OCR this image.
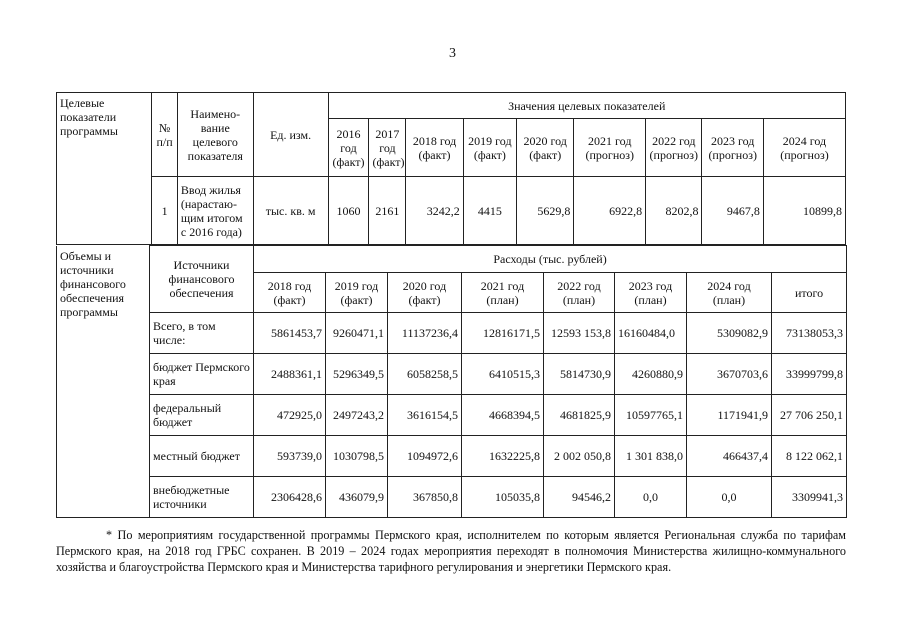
3
Целевые показатели программы	№ п/п	Наимено-вание целевого показателя	Ед. изм.	Значения целевых показателей								
				2016 год (факт)	2017 год (факт)	2018 год (факт)	2019 год (факт)	2020 год (факт)	2021 год (прогноз)	2022 год (прогноз)	2023 год (прогноз)	2024 год (прогноз)
	1	Ввод жилья (нарастаю-щим итогом с 2016 года)	тыс. кв. м	1060	2161	3242,2	4415	5629,8	6922,8	8202,8	9467,8	10899,8
Объемы и источники финансового обеспечения программы	Источники финансового обеспечения	Расходы (тыс. рублей)							
		2018 год (факт)	2019 год (факт)	2020 год (факт)	2021 год (план)	2022 год (план)	2023 год (план)	2024 год (план)	итого
	Всего, в том числе:	5861453,7	9260471,1	11137236,4	12816171,5	12593 153,8	16160484,0	5309082,9	73138053,3
	бюджет Пермского края	2488361,1	5296349,5	6058258,5	6410515,3	5814730,9	4260880,9	3670703,6	33999799,8
	федеральный бюджет	472925,0	2497243,2	3616154,5	4668394,5	4681825,9	10597765,1	1171941,9	27 706 250,1
	местный бюджет	593739,0	1030798,5	1094972,6	1632225,8	2 002 050,8	1 301 838,0	466437,4	8 122 062,1
	внебюджетные источники	2306428,6	436079,9	367850,8	105035,8	94546,2	0,0	0,0	3309941,3
* По мероприятиям государственной программы Пермского края, исполнителем по которым является Региональная служба по тарифам Пермского края, на 2018 год ГРБС сохранен. В 2019 – 2024 годах мероприятия переходят в полномочия Министерства жилищно-коммунального хозяйства и благоустройства Пермского края и Министерства тарифного регулирования и энергетики Пермского края.
